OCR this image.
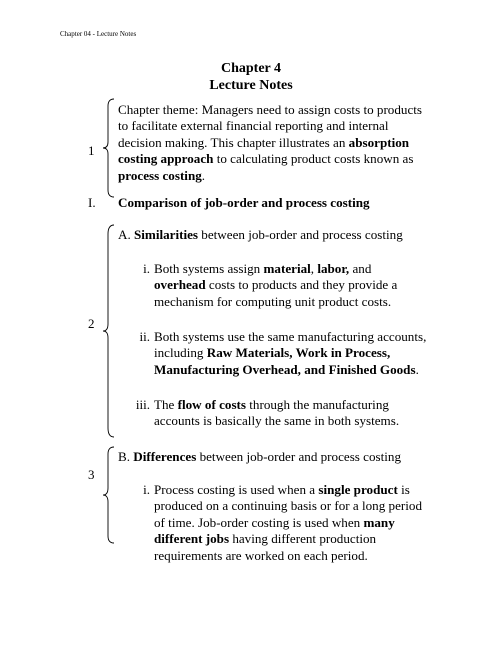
Chapter 04 - Lecture Notes
Chapter 4
Lecture Notes
1
Chapter theme: Managers need to assign costs to products
to facilitate external financial reporting and internal
decision making. This chapter illustrates an absorption
costing approach to calculating product costs known as
process costing.
I. Comparison of job-order and process costing
2
A. Similarities between job-order and process costing
i. Both systems assign material, labor, and
overhead costs to products and they provide a
mechanism for computing unit product costs.
ii. Both systems use the same manufacturing accounts,
including Raw Materials, Work in Process,
Manufacturing Overhead, and Finished Goods.
iii. The flow of costs through the manufacturing
accounts is basically the same in both systems.
3
B. Differences between job-order and process costing
i. Process costing is used when a single product is
produced on a continuing basis or for a long period
of time. Job-order costing is used when many
different jobs having different production
requirements are worked on each period.
